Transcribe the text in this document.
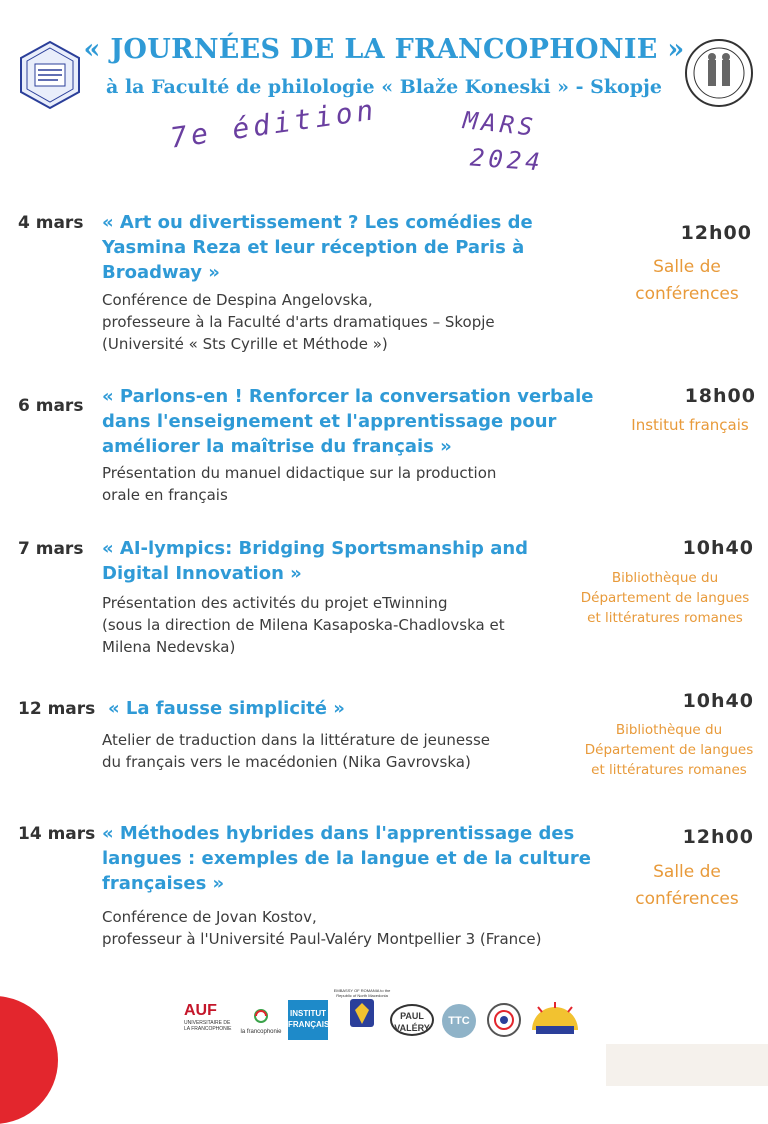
« JOURNÉES DE LA FRANCOPHONIE »
à la Faculté de philologie « Blaže Koneski » - Skopje
7e édition	MARS
2024
4 mars « Art ou divertissement ? Les comédies de
Yasmina Reza et leur réception de Paris à
Broadway »
Conférence de Despina Angelovska,
professeure à la Faculté d'arts dramatiques – Skopje
(Université « Sts Cyrille et Méthode »)
12h00
Salle de
conférences
6 mars « Parlons-en ! Renforcer la conversation verbale
dans l'enseignement et l'apprentissage pour
améliorer la maîtrise du français »
Présentation du manuel didactique sur la production
orale en français
18h00
Institut français
7 mars « AI-lympics: Bridging Sportsmanship and
Digital Innovation »
Présentation des activités du projet eTwinning
(sous la direction de Milena Kasaposka-Chadlovska et
Milena Nedevska)
10h40
Bibliothèque du
Département de langues
et littératures romanes
12 mars « La fausse simplicité »
Atelier de traduction dans la littérature de jeunesse
du français vers le macédonien (Nika Gavrovska)
10h40
Bibliothèque du
Département de langues
et littératures romanes
14 mars « Méthodes hybrides dans l'apprentissage des
langues : exemples de la langue et de la culture
françaises »
Conférence de Jovan Kostov,
professeur à l'Université Paul-Valéry Montpellier 3 (France)
12h00
Salle de
conférences
AUF
UNIVERSITAIRE DE LA FRANCOPHONIE	la francophonie
INSTITUT FRANÇAIS
EMBASSY OF ROMANIA to the Republic of North Macedonia
PAUL VALÉRY
TTC
